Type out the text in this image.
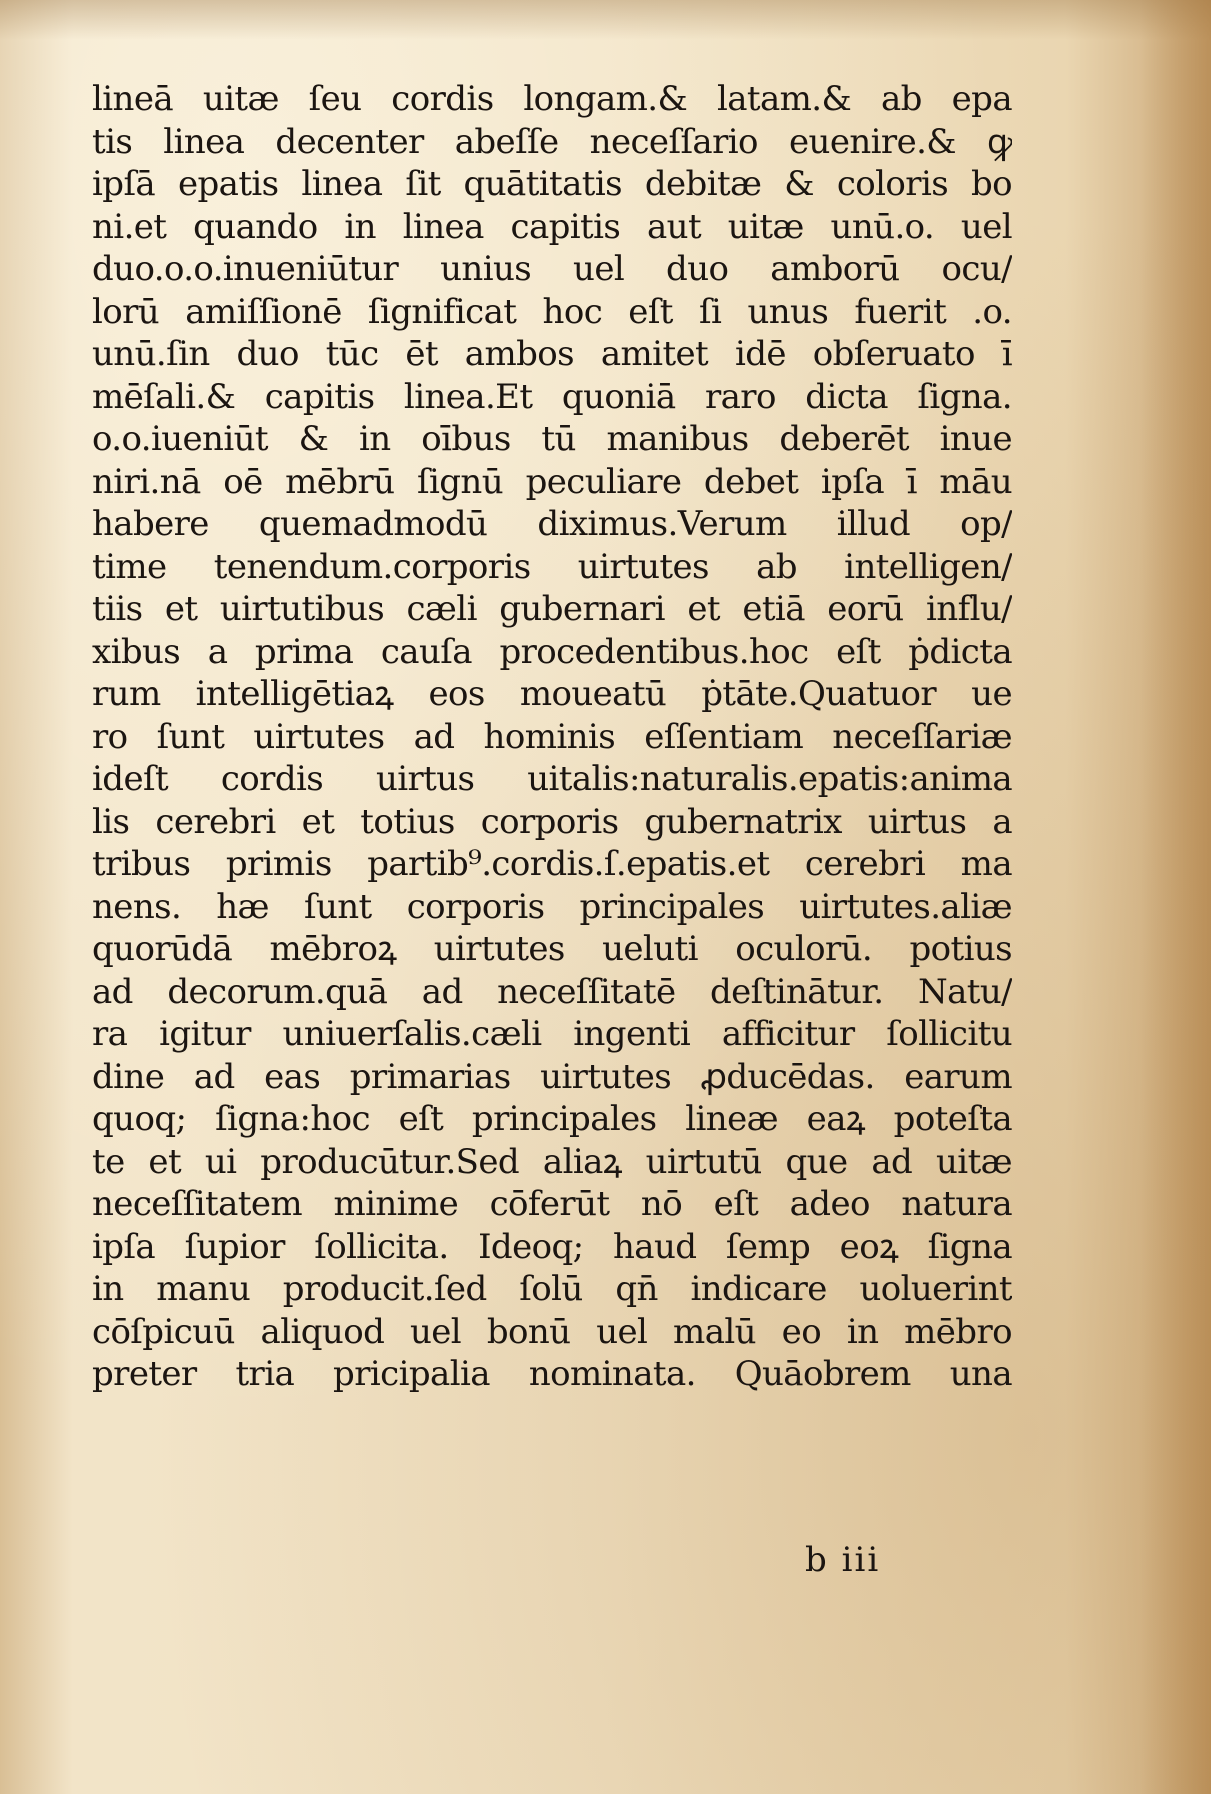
lineā uitæ ſeu cordis longam.& latam.& ab epa
tis linea decenter abeſſe neceſſario euenire.& ꝙ
ipſā epatis linea ſit quātitatis debitæ & coloris bo
ni.et quando in linea capitis aut uitæ unū.o. uel
duo.o.o.inueniūtur unius uel duo amborū ocu/
lorū amiſſionē ſignificat hoc eſt ſi unus fuerit .o.
unū.ſin duo tūc ēt ambos amitet idē obſeruato ī
mēſali.& capitis linea.Et quoniā raro dicta ſigna.
o.o.iueniūt & in oībus tū manibus deberēt inue
niri.nā oē mēbrū ſignū peculiare debet ipſa ī māu
habere quemadmodū diximus.Verum illud op/
time tenendum.corporis uirtutes ab intelligen/
tiis et uirtutibus cæli gubernari et etiā eorū influ/
xibus a prima cauſa procedentibus.hoc eſt ṗdicta
rum intelligētiaꝝ eos moueatū ṗtāte.Quatuor ue
ro ſunt uirtutes ad hominis eſſentiam neceſſariæ
ideſt cordis uirtus uitalis:naturalis.epatis:anima
lis cerebri et totius corporis gubernatrix uirtus a
tribus primis partib⁹.cordis.ſ.epatis.et cerebri ma
nens. hæ ſunt corporis principales uirtutes.aliæ
quorūdā mēbroꝝ uirtutes ueluti oculorū. potius
ad decorum.quā ad neceſſitatē deſtinātur. Natu/
ra igitur uniuerſalis.cæli ingenti afficitur ſollicitu
dine ad eas primarias uirtutes ꝓducēdas. earum
quoq; ſigna:hoc eſt principales lineæ eaꝝ poteſta
te et ui producūtur.Sed aliaꝝ uirtutū que ad uitæ
neceſſitatem minime cōferūt nō eſt adeo natura
ipſa ſupior ſollicita. Ideoq; haud ſemp eoꝝ ſigna
in manu producit.ſed ſolū qn̄ indicare uoluerint
cōſpicuū aliquod uel bonū uel malū eo in mēbro
preter tria pricipalia nominata. Quāobrem una
b iii
